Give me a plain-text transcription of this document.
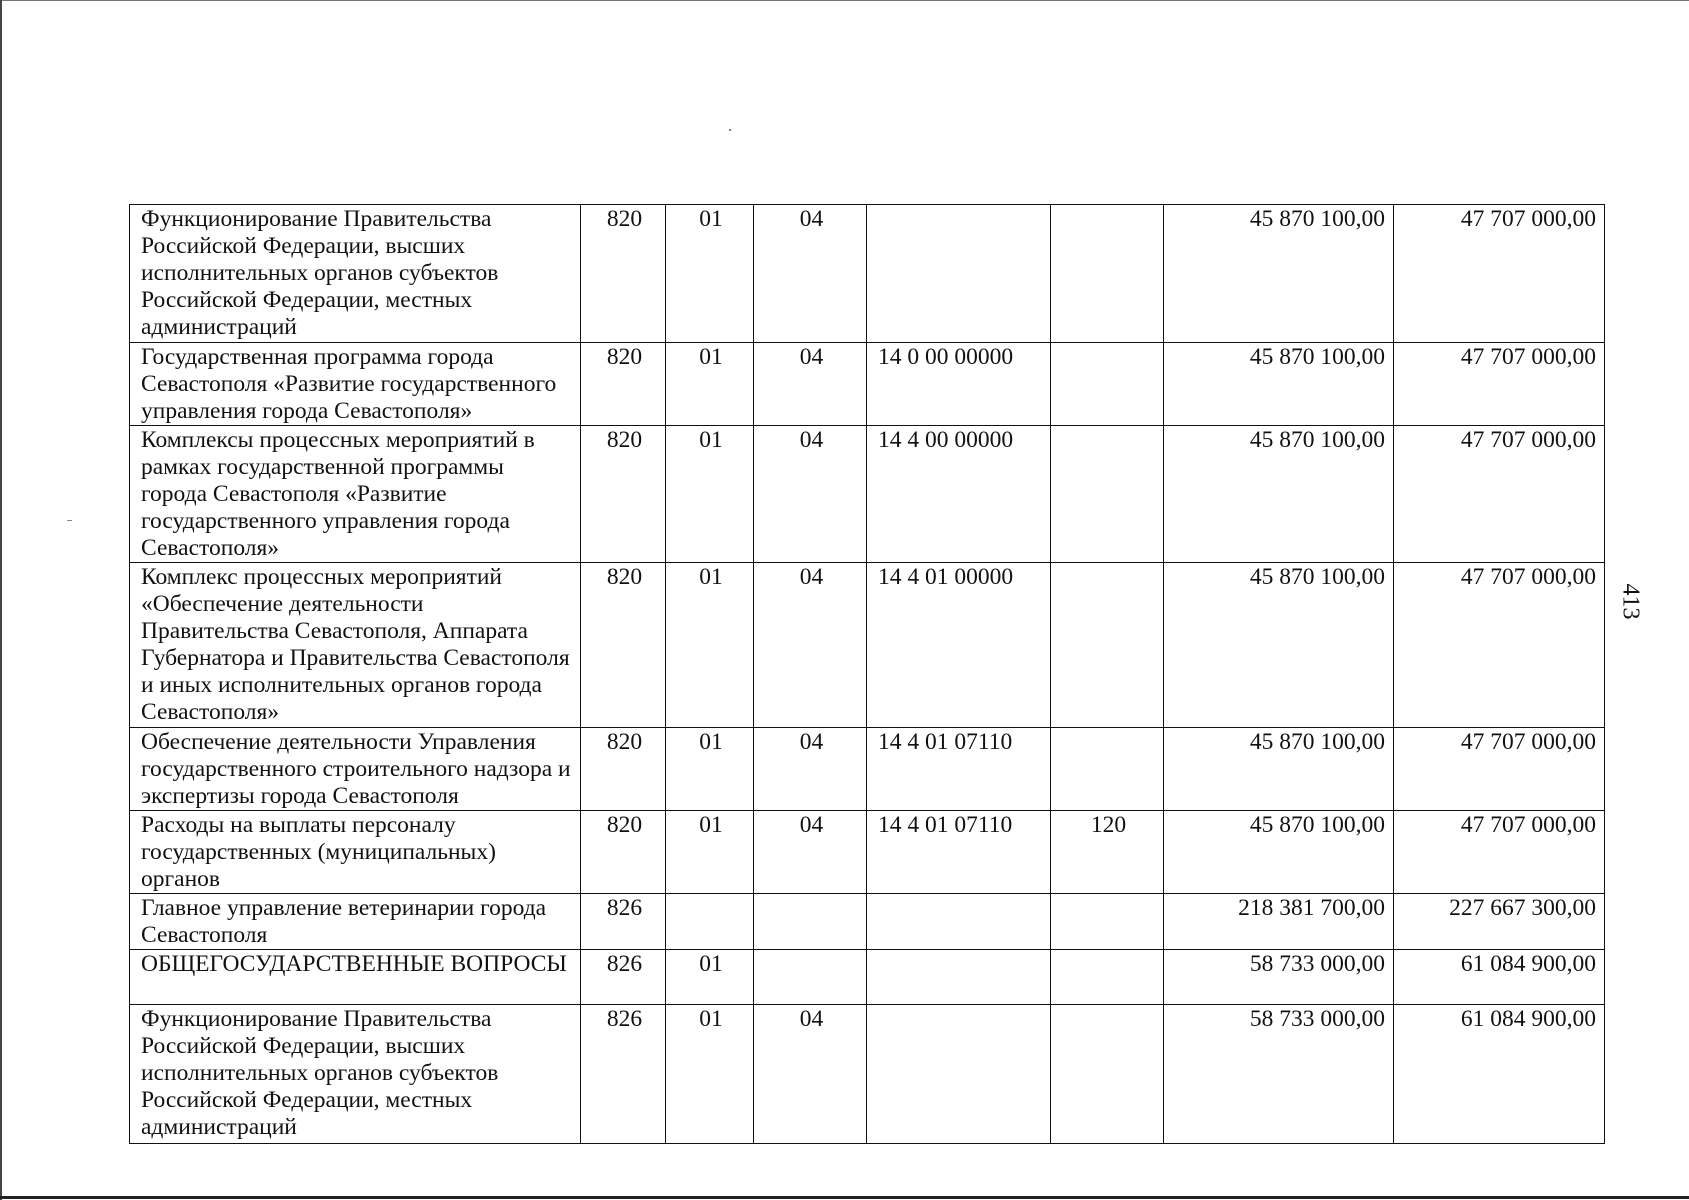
413
Функционирование Правительства Российской Федерации, высших исполнительных органов субъектов Российской Федерации, местных администраций	820	01	04			45 870 100,00	47 707 000,00
Государственная программа города Севастополя «Развитие государственного управления города Севастополя»	820	01	04	14 0 00 00000		45 870 100,00	47 707 000,00
Комплексы процессных мероприятий в рамках государственной программы города Севастополя «Развитие государственного управления города Севастополя»	820	01	04	14 4 00 00000		45 870 100,00	47 707 000,00
Комплекс процессных мероприятий «Обеспечение деятельности Правительства Севастополя, Аппарата Губернатора и Правительства Севастополя и иных исполнительных органов города Севастополя»	820	01	04	14 4 01 00000		45 870 100,00	47 707 000,00
Обеспечение деятельности Управления государственного строительного надзора и экспертизы города Севастополя	820	01	04	14 4 01 07110		45 870 100,00	47 707 000,00
Расходы на выплаты персоналу государственных (муниципальных) органов	820	01	04	14 4 01 07110	120	45 870 100,00	47 707 000,00
Главное управление ветеринарии города Севастополя	826					218 381 700,00	227 667 300,00
ОБЩЕГОСУДАРСТВЕННЫЕ ВОПРОСЫ	826	01				58 733 000,00	61 084 900,00
Функционирование Правительства Российской Федерации, высших исполнительных органов субъектов Российской Федерации, местных администраций	826	01	04			58 733 000,00	61 084 900,00
